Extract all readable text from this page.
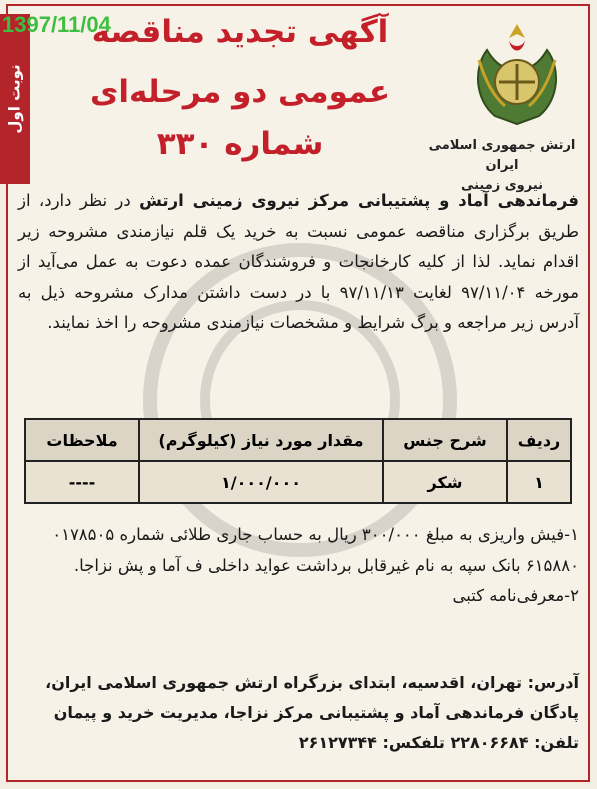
نوبت اول
1397/11/04
آگهی تجدید مناقصه
عمومی دو مرحله‌ای
شماره ۳۳۰	ارتش جمهوری اسلامی ایران
نیروی زمینی

فرماندهی آماد و پشتیبانی مرکز نیروی زمینی ارتش در نظر دارد، از طریق برگزاری مناقصه عمومی نسبت به خرید یک قلم نیازمندی مشروحه زیر اقدام نماید. لذا از کلیه کارخانجات و فروشندگان عمده دعوت به عمل می‌آید از مورخه ۹۷/۱۱/۰۴ لغایت ۹۷/۱۱/۱۳ با در دست داشتن مدارک مشروحه ذیل به آدرس زیر مراجعه و برگ شرایط و مشخصات نیازمندی مشروحه را اخذ نمایند.

ردیف	شرح جنس	مقدار مورد نیاز (کیلوگرم)	ملاحظات
۱	شکر	۱/۰۰۰/۰۰۰	----

۱-فیش واریزی به مبلغ ۳۰۰/۰۰۰ ریال به حساب جاری طلائی شماره ۰۱۷۸۵۰۵ ۶۱۵۸۸۰ بانک سپه به نام غیرقابل برداشت عواید داخلی ف آما و پش نزاجا.

۲-معرفی‌نامه کتبی

آدرس: تهران، اقدسیه، ابتدای بزرگراه ارتش جمهوری اسلامی ایران، پادگان فرماندهی آماد و پشتیبانی مرکز نزاجا، مدیریت خرید و پیمان

تلفن: ۲۲۸۰۶۶۸۴ تلفکس: ۲۶۱۲۷۳۴۴
